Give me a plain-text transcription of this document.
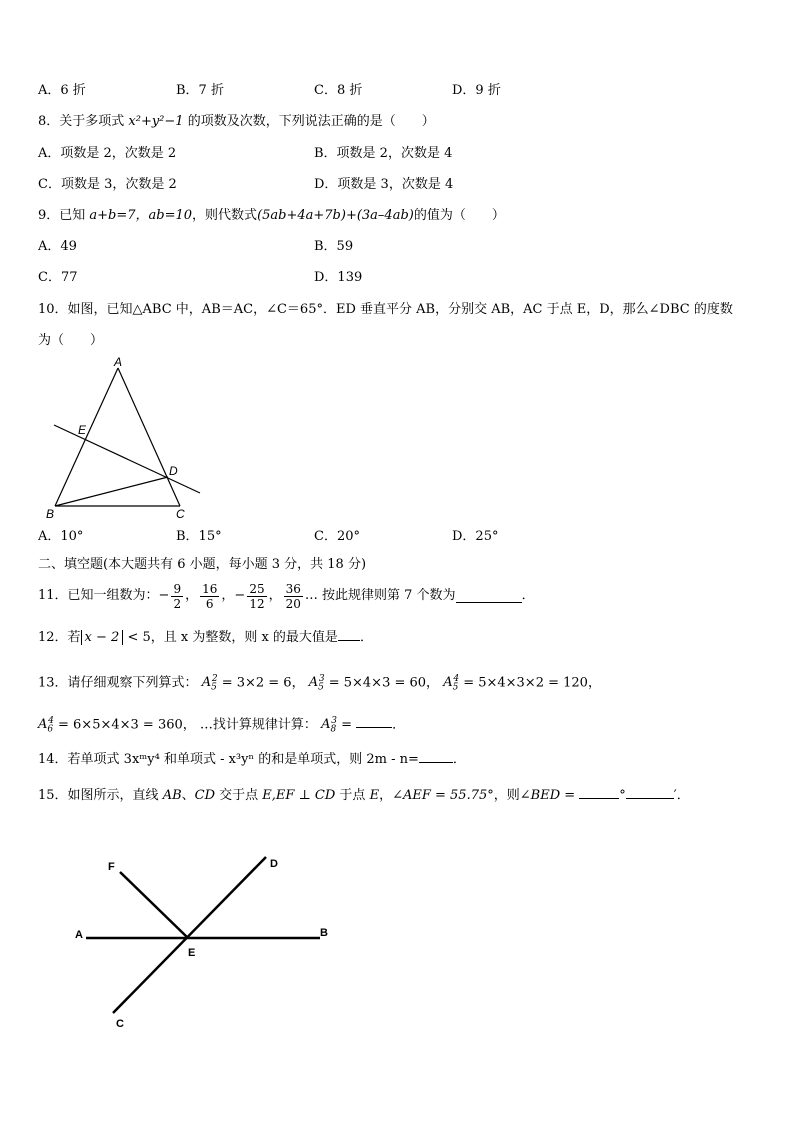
A．6 折	B．7 折	C．8 折	D．9 折
8．关于多项式 x²+y²−1 的项数及次数，下列说法正确的是（　　）
A．项数是 2，次数是 2	B．项数是 2，次数是 4
C．项数是 3，次数是 2	D．项数是 3，次数是 4
9．已知 a+b=7，ab=10，则代数式(5ab+4a+7b)+(3a–4ab)的值为（　　）
A．49	B．59
C．77	D．139
10．如图，已知△ABC 中，AB＝AC，∠C＝65°．ED 垂直平分 AB，分别交 AB，AC 于点 E，D，那么∠DBC 的度数
为（　　）
A
E
D
B	C
A．10°	B．15°	C．20°	D．25°
二、填空题(本大题共有 6 小题，每小题 3 分，共 18 分)
11．已知一组数为： − $\frac{9}{2}$ ， $\frac{16}{6}$ ， − $\frac{25}{12}$ ， $\frac{36}{20}$ … 按此规律则第 7 个数为	．
12．若 x − 2 < 5，且 x 为整数，则 x 的最大值是 ．
13．请仔细观察下列算式： $A_5^2 = 3\times 2 = 6$， $A_5^3 = 5\times 4\times 3 = 60$， $A_5^4 = 5\times 4\times 3\times 2 = 120$，
$A_6^4 = 6\times 5\times 4\times 3 = 360$， …找计算规律计算： $A_8^3$ =	．
14．若单项式 3xᵐy⁴ 和单项式 - x³yⁿ 的和是单项式，则 2m - n=	．
15．如图所示，直线 AB、CD 交于点 E,EF ⊥ CD 于点 E，∠AEF = 55.75°，则∠BED =	°	′．
F	D
A	B
E
C
